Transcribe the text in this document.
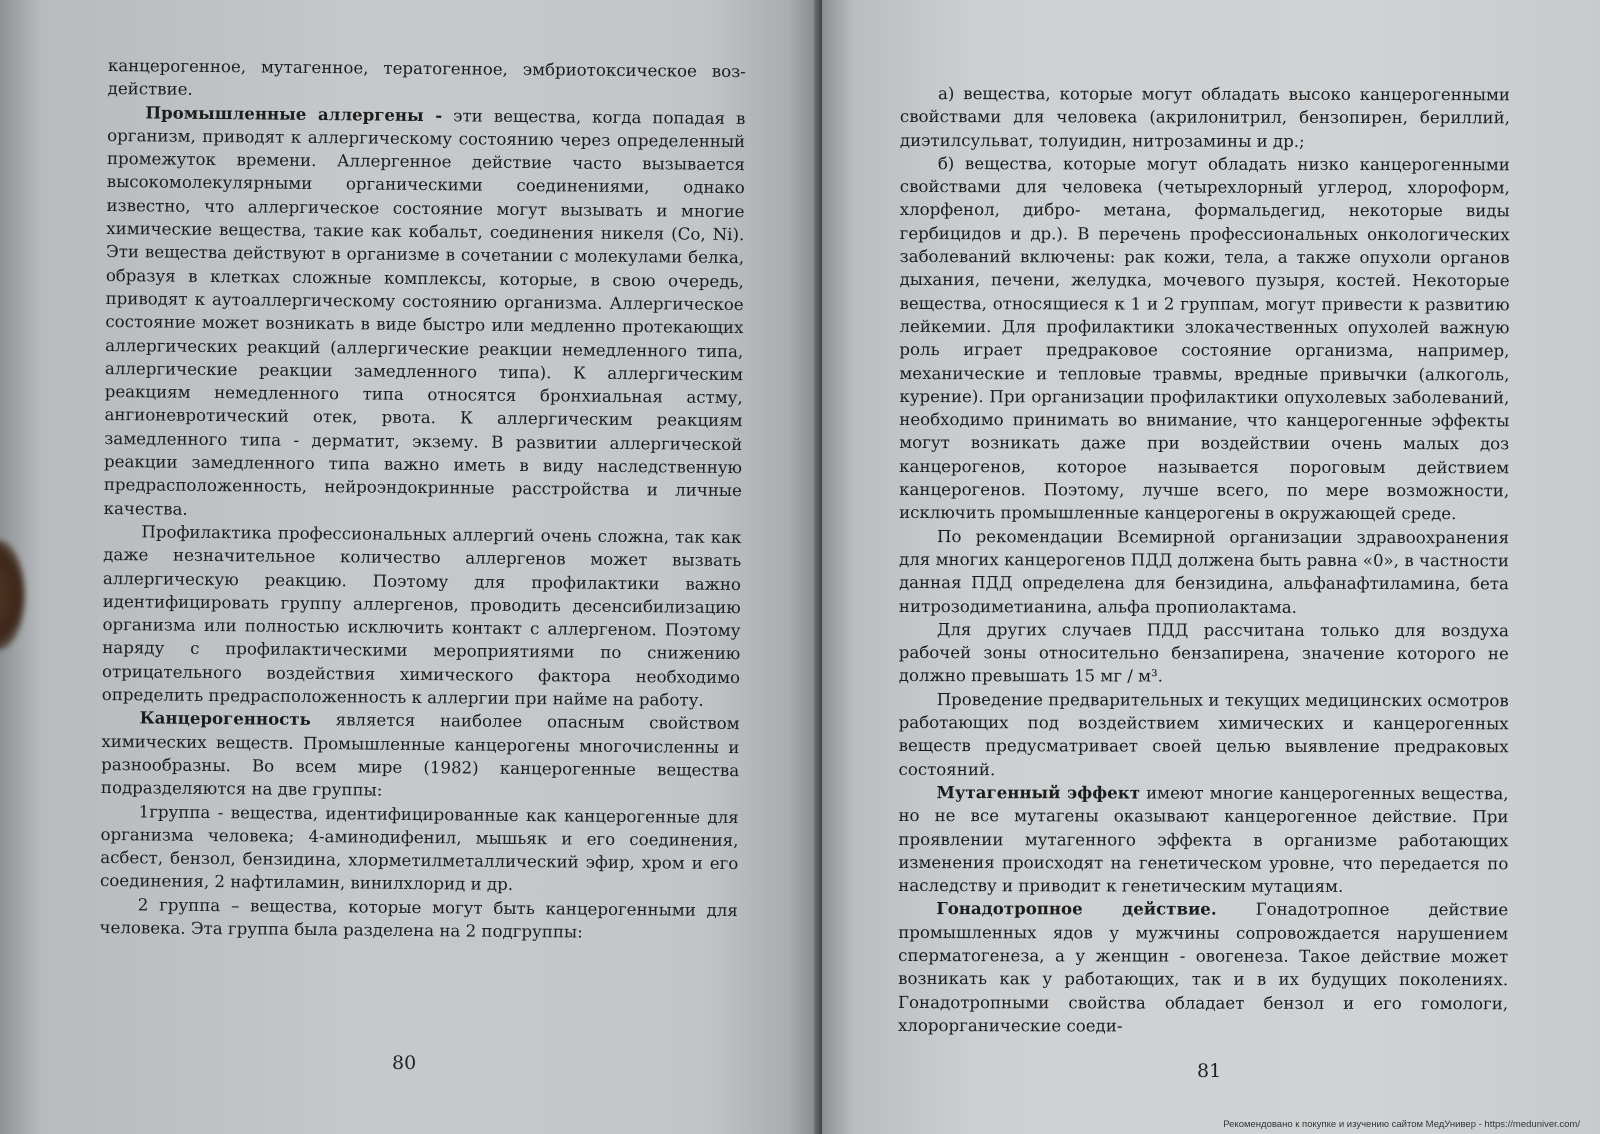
канцерогенное, мутагенное, тератогенное, эмбриотоксическое воз-действие.

Промышленные аллергены - эти вещества, когда попадая в организм, приводят к аллергическому состоянию через определенный промежуток времени. Аллергенное действие часто вызывается высокомолекулярными органическими соединениями, однако известно, что аллергическое состояние могут вызывать и многие химические вещества, такие как кобальт, соединения никеля (Co, Ni). Эти вещества действуют в организме в сочетании с молекулами белка, образуя в клетках сложные комплексы, которые, в свою очередь, приводят к аутоаллергическому состоянию организма. Аллергическое состояние может возникать в виде быстро или медленно протекающих аллергических реакций (аллергические реакции немедленного типа, аллергические реакции замедленного типа). К аллергическим реакциям немедленного типа относятся бронхиальная астму, ангионевротический отек, рвота. К аллергическим реакциям замедленного типа - дерматит, экзему. В развитии аллергической реакции замедленного типа важно иметь в виду наследственную предрасположенность, нейроэндокринные расстройства и личные качества.

Профилактика профессиональных аллергий очень сложна, так как даже незначительное количество аллергенов может вызвать аллергическую реакцию. Поэтому для профилактики важно идентифицировать группу аллергенов, проводить десенсибилизацию организма или полностью исключить контакт с аллергеном. Поэтому наряду с профилактическими мероприятиями по снижению отрицательного воздействия химического фактора необходимо определить предрасположенность к аллергии при найме на работу.

Канцерогенность является наиболее опасным свойством химических веществ. Промышленные канцерогены многочисленны и разнообразны. Во всем мире (1982) канцерогенные вещества подразделяются на две группы:

1группа - вещества, идентифицированные как канцерогенные для организма человека; 4-аминодифенил, мышьяк и его соединения, асбест, бензол, бензидина, хлорметилметаллический эфир, хром и его соединения, 2 нафтиламин, винилхлорид и др.

2 группа – вещества, которые могут быть канцерогенными для человека. Эта группа была разделена на 2 подгруппы:

80

а) вещества, которые могут обладать высоко канцерогенными свойствами для человека (акрилонитрил, бензопирен, бериллий, диэтилсульват, толуидин, нитрозамины и др.;

б) вещества, которые могут обладать низко канцерогенными свойствами для человека (четырехлорный углерод, хлороформ, хлорфенол, дибро- метана, формальдегид, некоторые виды гербицидов и др.). В перечень профессиональных онкологических заболеваний включены: рак кожи, тела, а также опухоли органов дыхания, печени, желудка, мочевого пузыря, костей. Некоторые вещества, относящиеся к 1 и 2 группам, могут привести к развитию лейкемии. Для профилактики злокачественных опухолей важную роль играет предраковое состояние организма, например, механические и тепловые травмы, вредные привычки (алкоголь, курение). При организации профилактики опухолевых заболеваний, необходимо принимать во внимание, что канцерогенные эффекты могут возникать даже при воздействии очень малых доз канцерогенов, которое называется пороговым действием канцерогенов. Поэтому, лучше всего, по мере возможности, исключить промышленные канцерогены в окружающей среде.

По рекомендации Всемирной организации здравоохранения для многих канцерогенов ПДД должена быть равна «0», в частности данная ПДД определена для бензидина, альфанафтиламина, бета нитрозодиметианина, альфа пропиолактама.

Для других случаев ПДД рассчитана только для воздуха рабочей зоны относительно бензапирена, значение которого не должно превышать 15 мг / м³.

Проведение предварительных и текущих медицинских осмотров работающих под воздействием химических и канцерогенных веществ предусматривает своей целью выявление предраковых состояний.

Мутагенный эффект имеют многие канцерогенных вещества, но не все мутагены оказывают канцерогенное действие. При проявлении мутагенного эффекта в организме работающих изменения происходят на генетическом уровне, что передается по наследству и приводит к генетическим мутациям.

Гонадотропное действие. Гонадотропное действие промышленных ядов у мужчины сопровождается нарушением сперматогенеза, а у женщин - овогенеза. Такое действие может возникать как у работающих, так и в их будущих поколениях. Гонадотропными свойства обладает бензол и его гомологи, хлорорганические соеди-

81
Рекомендовано к покупке и изучению сайтом МедУнивер - https://meduniver.com/
